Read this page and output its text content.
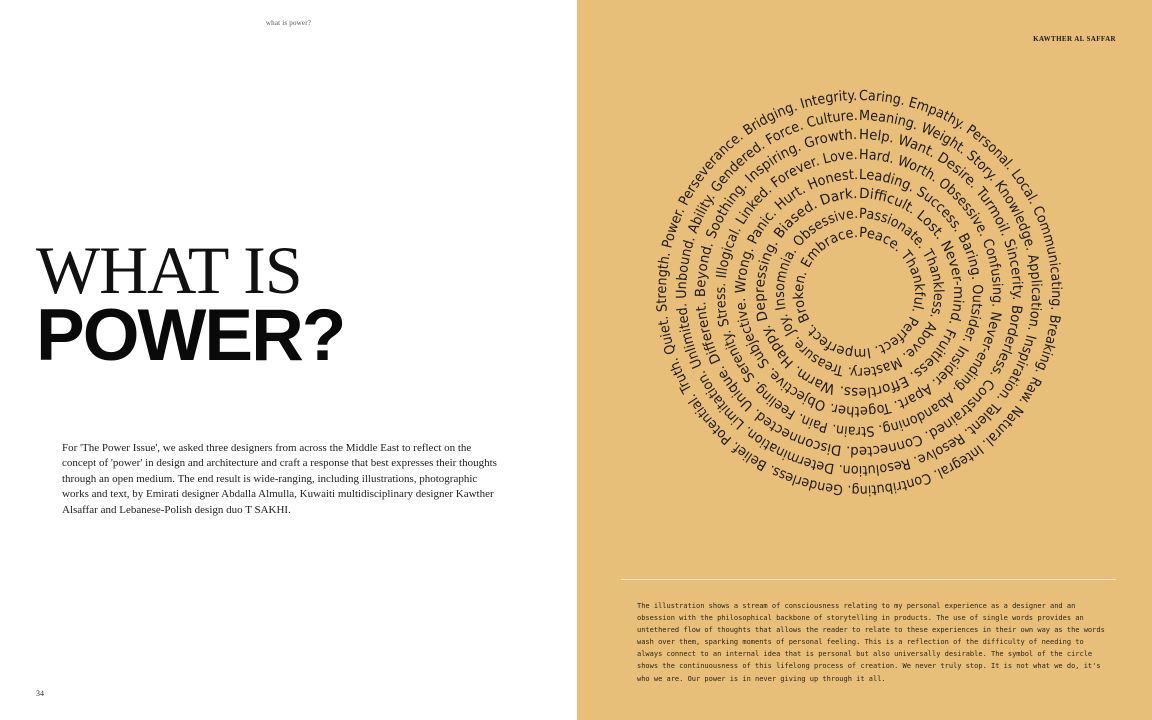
what is power?
WHAT IS
POWER?

For 'The Power Issue', we asked three designers from across the Middle East to reflect on the concept of 'power' in design and architecture and craft a response that best expresses their thoughts through an open medium. The end result is wide-ranging, including illustrations, photographic works and text, by Emirati designer Abdalla Almulla, Kuwaiti multidisciplinary designer Kawther Alsaffar and Lebanese-Polish design duo T SAKHI.

34
KAWTHER AL SAFFAR
Caring. Empathy. Personal. Local. Communicating. Breaking. Raw. Natural. Integral. Contributing. Genderless. Belief. Potential. Truth. Quiet. Strength. Power. Perseverance. Bridging. Integrity.
Meaning. Weight. Story. Knowledge. Application. Inspiration. Talent. Resolve. Resolution. Determination. Limitation. Unlimited. Unbound. Ability. Gendered. Force. Culture.
Help. Want. Desire. Turmoil. Sincerity. Borderless. Constrained. Connected. Disconnected. Unique. Different. Beyond. Soothing. Inspiring. Growth.
Hard. Worth. Obsessive. Confusing. Never-ending. Abandoning. Strain. Pain. Feeling. Serenity. Stress. Illogical. Linked. Forever. Love.
Leading. Success. Baring. Outsider. Insider. Apart. Together. Objective. Subjective. Wrong. Panic. Hurt. Honest.
Difficult. Lost. Never-mind. Fruitless. Effortless. Warm. Happy. Depressing. Biased. Dark.
Passionate. Thankless. Above. Mastery. Treasure. Joy. Insomnia. Obsessive.
Peace. Thankful. Perfect. Imperfect. Broken. Embrace.

The illustration shows a stream of consciousness relating to my personal experience as a designer and an obsession with the philosophical backbone of storytelling in products. The use of single words provides an untethered flow of thoughts that allows the reader to relate to these experiences in their own way as the words wash over them, sparking moments of personal feeling. This is a reflection of the difficulty of needing to always connect to an internal idea that is personal but also universally desirable. The symbol of the circle shows the continuousness of this lifelong process of creation. We never truly stop. It is not what we do, it's who we are. Our power is in never giving up through it all.
